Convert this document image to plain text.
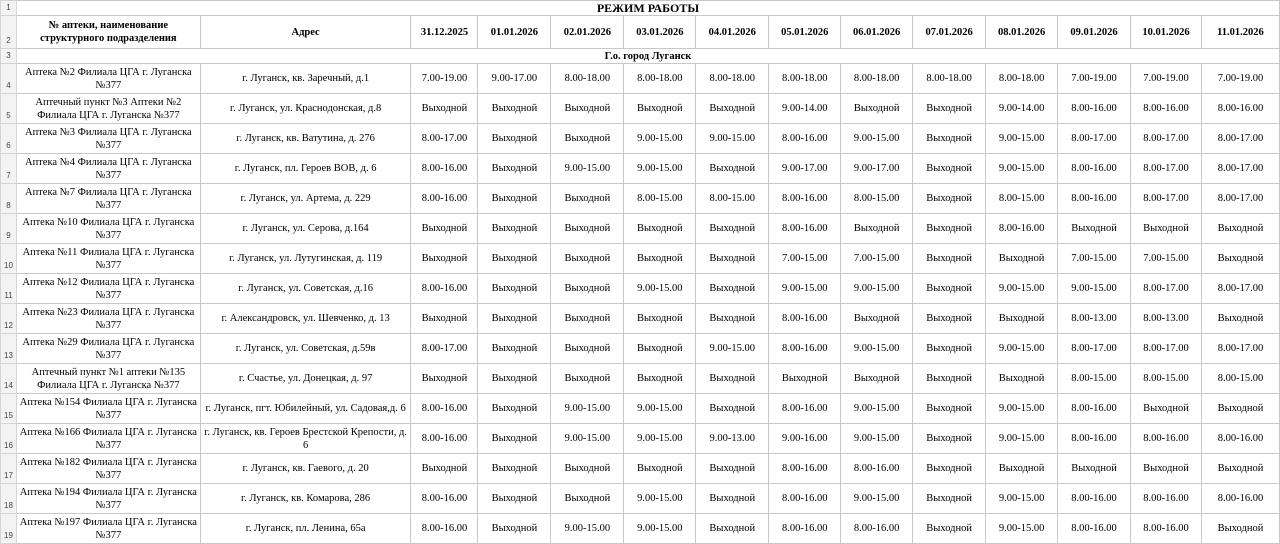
1	РЕЖИМ РАБОТЫ													
2	№ аптеки, наименование структурного подразделения	Адрес	31.12.2025	01.01.2026	02.01.2026	03.01.2026	04.01.2026	05.01.2026	06.01.2026	07.01.2026	08.01.2026	09.01.2026	10.01.2026	11.01.2026
3	Г.о. город Луганск													
4	Аптека №2 Филиала ЦГА г. Луганска №377	г. Луганск, кв. Заречный, д.1	7.00-19.00	9.00-17.00	8.00-18.00	8.00-18.00	8.00-18.00	8.00-18.00	8.00-18.00	8.00-18.00	8.00-18.00	7.00-19.00	7.00-19.00	7.00-19.00
5	Аптечный пункт №3 Аптеки №2 Филиала ЦГА г. Луганска №377	г. Луганск, ул. Краснодонская, д.8	Выходной	Выходной	Выходной	Выходной	Выходной	9.00-14.00	Выходной	Выходной	9.00-14.00	8.00-16.00	8.00-16.00	8.00-16.00
6	Аптека №3 Филиала ЦГА г. Луганска №377	г. Луганск, кв. Ватутина, д. 276	8.00-17.00	Выходной	Выходной	9.00-15.00	9.00-15.00	8.00-16.00	9.00-15.00	Выходной	9.00-15.00	8.00-17.00	8.00-17.00	8.00-17.00
7	Аптека №4 Филиала ЦГА г. Луганска №377	г. Луганск, пл. Героев ВОВ, д. 6	8.00-16.00	Выходной	9.00-15.00	9.00-15.00	Выходной	9.00-17.00	9.00-17.00	Выходной	9.00-15.00	8.00-16.00	8.00-17.00	8.00-17.00
8	Аптека №7 Филиала ЦГА г. Луганска №377	г. Луганск, ул. Артема, д. 229	8.00-16.00	Выходной	Выходной	8.00-15.00	8.00-15.00	8.00-16.00	8.00-15.00	Выходной	8.00-15.00	8.00-16.00	8.00-17.00	8.00-17.00
9	Аптека №10 Филиала ЦГА г. Луганска №377	г. Луганск, ул. Серова, д.164	Выходной	Выходной	Выходной	Выходной	Выходной	8.00-16.00	Выходной	Выходной	8.00-16.00	Выходной	Выходной	Выходной
10	Аптека №11 Филиала ЦГА г. Луганска №377	г. Луганск, ул. Лутугинская, д. 119	Выходной	Выходной	Выходной	Выходной	Выходной	7.00-15.00	7.00-15.00	Выходной	Выходной	7.00-15.00	7.00-15.00	Выходной
11	Аптека №12 Филиала ЦГА г. Луганска №377	г. Луганск, ул. Советская, д.16	8.00-16.00	Выходной	Выходной	9.00-15.00	Выходной	9.00-15.00	9.00-15.00	Выходной	9.00-15.00	9.00-15.00	8.00-17.00	8.00-17.00
12	Аптека №23 Филиала ЦГА г. Луганска №377	г. Александровск, ул. Шевченко, д. 13	Выходной	Выходной	Выходной	Выходной	Выходной	8.00-16.00	Выходной	Выходной	Выходной	8.00-13.00	8.00-13.00	Выходной
13	Аптека №29 Филиала ЦГА г. Луганска №377	г. Луганск, ул. Советская, д.59в	8.00-17.00	Выходной	Выходной	Выходной	9.00-15.00	8.00-16.00	9.00-15.00	Выходной	9.00-15.00	8.00-17.00	8.00-17.00	8.00-17.00
14	Аптечный пункт №1 аптеки №135 Филиала ЦГА г. Луганска №377	г. Счастье, ул. Донецкая, д. 97	Выходной	Выходной	Выходной	Выходной	Выходной	Выходной	Выходной	Выходной	Выходной	8.00-15.00	8.00-15.00	8.00-15.00
15	Аптека №154 Филиала ЦГА г. Луганска №377	г. Луганск, пгт. Юбилейный, ул. Садовая,д. 6	8.00-16.00	Выходной	9.00-15.00	9.00-15.00	Выходной	8.00-16.00	9.00-15.00	Выходной	9.00-15.00	8.00-16.00	Выходной	Выходной
16	Аптека №166 Филиала ЦГА г. Луганска №377	г. Луганск, кв. Героев Брестской Крепости, д. 6	8.00-16.00	Выходной	9.00-15.00	9.00-15.00	9.00-13.00	9.00-16.00	9.00-15.00	Выходной	9.00-15.00	8.00-16.00	8.00-16.00	8.00-16.00
17	Аптека №182 Филиала ЦГА г. Луганска №377	г. Луганск, кв. Гаевого, д. 20	Выходной	Выходной	Выходной	Выходной	Выходной	8.00-16.00	8.00-16.00	Выходной	Выходной	Выходной	Выходной	Выходной
18	Аптека №194 Филиала ЦГА г. Луганска №377	г. Луганск, кв. Комарова, 286	8.00-16.00	Выходной	Выходной	9.00-15.00	Выходной	8.00-16.00	9.00-15.00	Выходной	9.00-15.00	8.00-16.00	8.00-16.00	8.00-16.00
19	Аптека №197 Филиала ЦГА г. Луганска №377	г. Луганск, пл. Ленина, 65а	8.00-16.00	Выходной	9.00-15.00	9.00-15.00	Выходной	8.00-16.00	8.00-16.00	Выходной	9.00-15.00	8.00-16.00	8.00-16.00	Выходной
